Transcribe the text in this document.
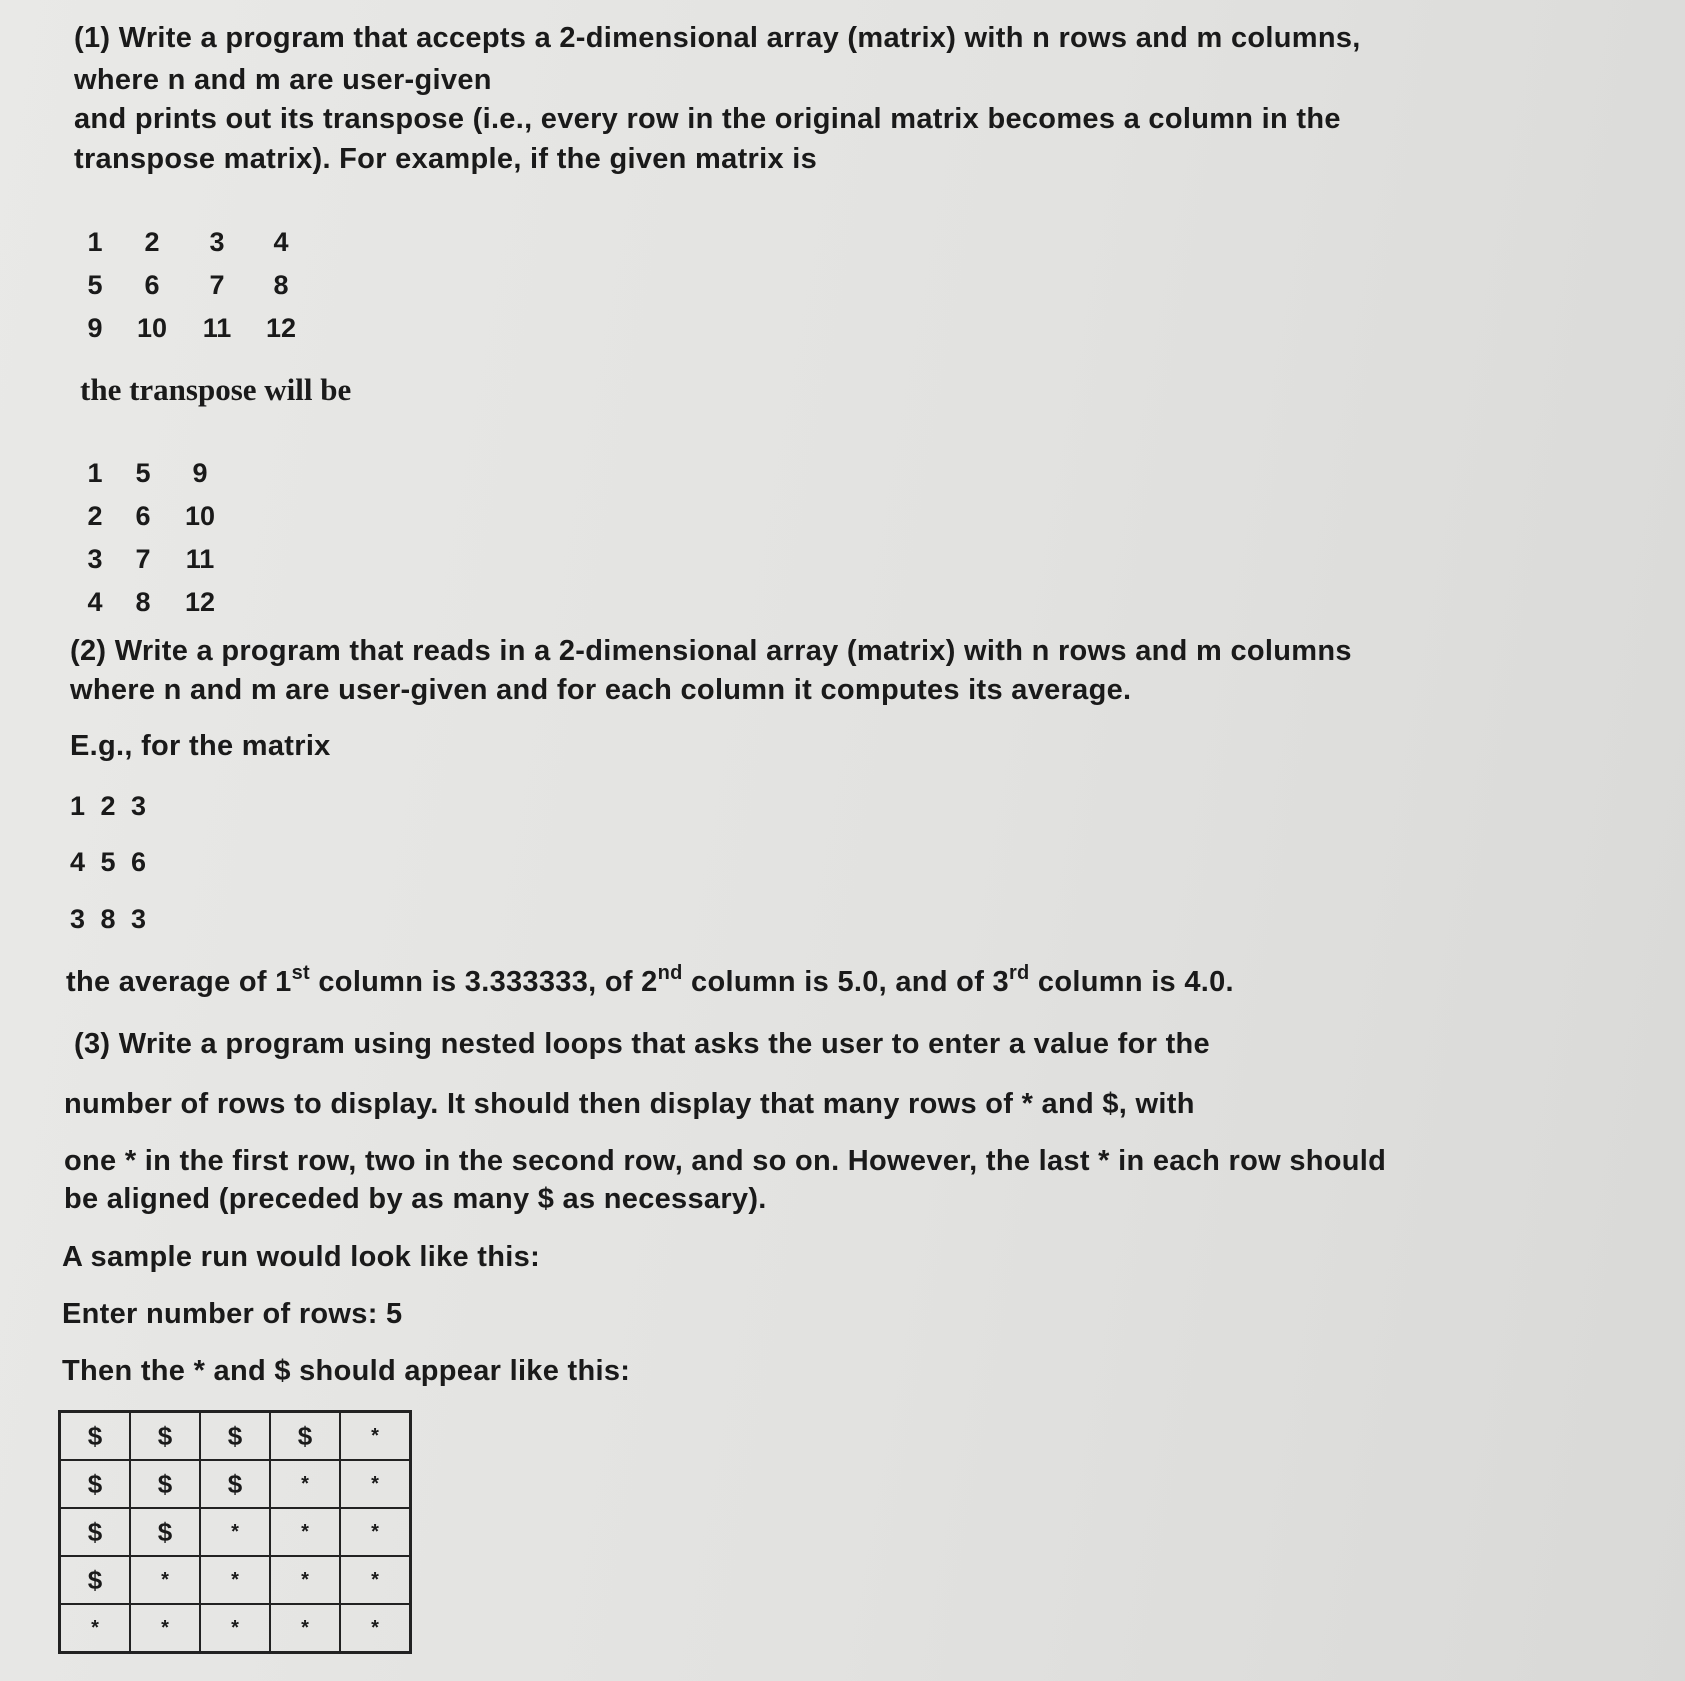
(1) Write a program that accepts a 2-dimensional array (matrix) with n rows and m columns,

where n and m are user-given

and prints out its transpose (i.e., every row in the original matrix becomes a column in the

transpose matrix). For example, if the given matrix is

1	2	3	4
5	6	7	8
9	10	11	12

the transpose will be

1	5	9
2	6	10
3	7	11
4	8	12

(2) Write a program that reads in a 2-dimensional array (matrix) with n rows and m columns

where n and m are user-given and for each column it computes its average.

E.g., for the matrix

1 2 3

4 5 6

3 8 3

the average of 1st column is 3.333333, of 2nd column is 5.0, and of 3rd column is 4.0.

(3) Write a program using nested loops that asks the user to enter a value for the

number of rows to display. It should then display that many rows of * and $, with

one * in the first row, two in the second row, and so on. However, the last * in each row should

be aligned (preceded by as many $ as necessary).

A sample run would look like this:

Enter number of rows: 5

Then the * and $ should appear like this:

$	$	$	$	*
$	$	$	*	*
$	$	*	*	*
$	*	*	*	*
*	*	*	*	*
